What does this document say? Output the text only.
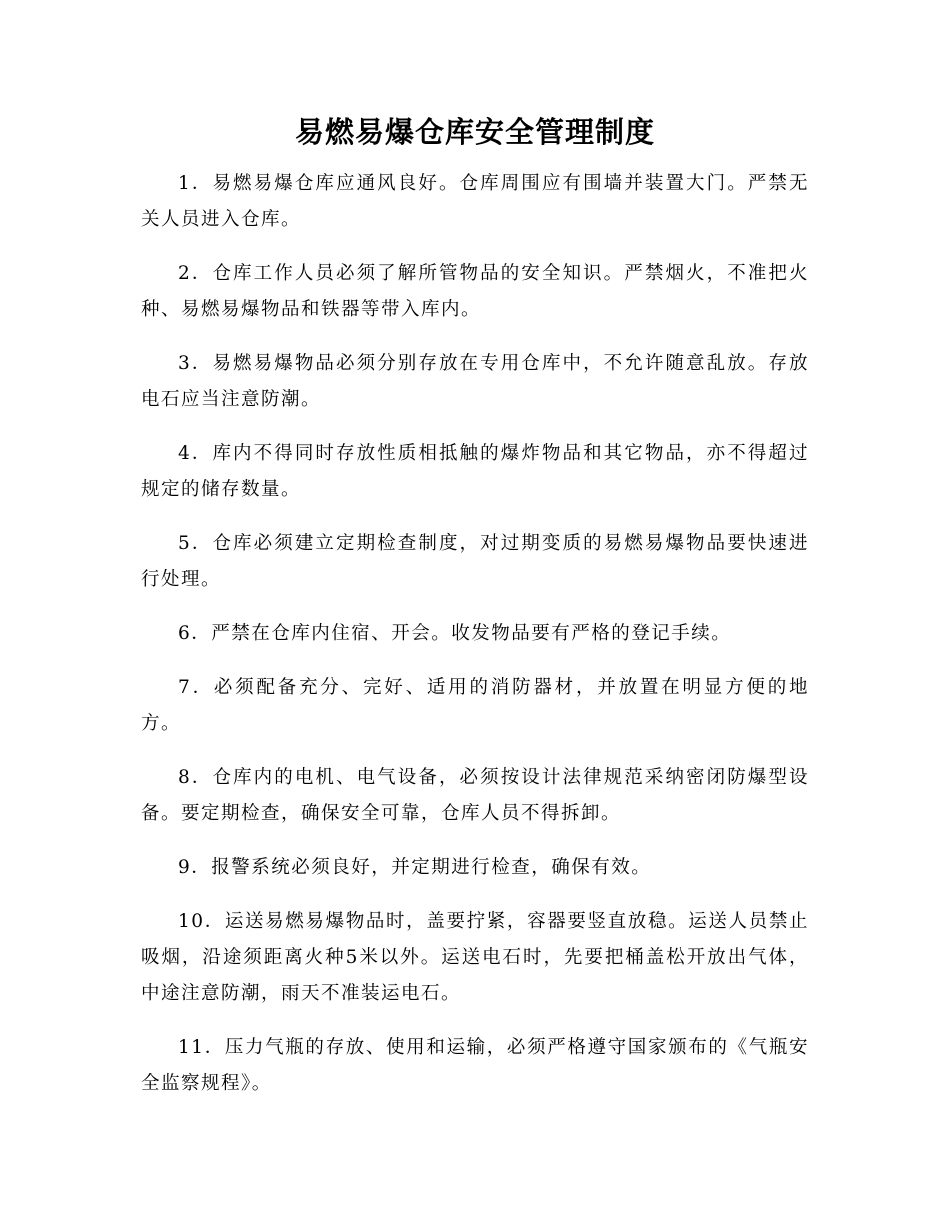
易燃易爆仓库安全管理制度

1．易燃易爆仓库应通风良好。仓库周围应有围墙并装置大门。严禁无关人员进入仓库。

2．仓库工作人员必须了解所管物品的安全知识。严禁烟火，不准把火种、易燃易爆物品和铁器等带入库内。

3．易燃易爆物品必须分别存放在专用仓库中，不允许随意乱放。存放电石应当注意防潮。

4．库内不得同时存放性质相抵触的爆炸物品和其它物品，亦不得超过规定的储存数量。

5．仓库必须建立定期检查制度，对过期变质的易燃易爆物品要快速进行处理。

6．严禁在仓库内住宿、开会。收发物品要有严格的登记手续。

7．必须配备充分、完好、适用的消防器材，并放置在明显方便的地方。

8．仓库内的电机、电气设备，必须按设计法律规范采纳密闭防爆型设备。要定期检查，确保安全可靠，仓库人员不得拆卸。

9．报警系统必须良好，并定期进行检查，确保有效。

10．运送易燃易爆物品时，盖要拧紧，容器要竖直放稳。运送人员禁止吸烟，沿途须距离火种5米以外。运送电石时，先要把桶盖松开放出气体，中途注意防潮，雨天不准装运电石。

11．压力气瓶的存放、使用和运输，必须严格遵守国家颁布的《气瓶安全监察规程》。
